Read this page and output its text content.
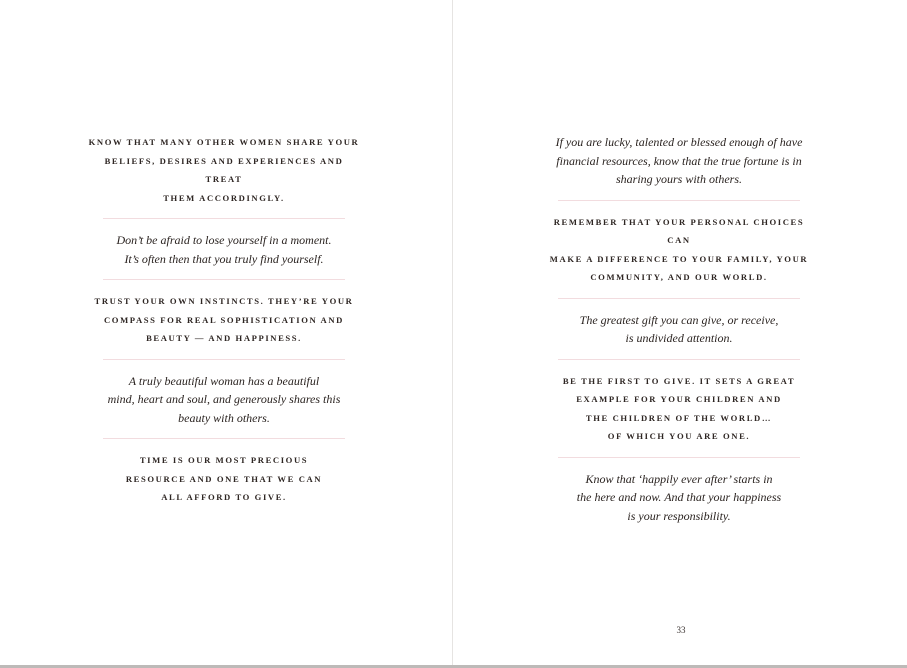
KNOW THAT MANY OTHER WOMEN SHARE YOUR
BELIEFS, DESIRES AND EXPERIENCES AND TREAT
THEM ACCORDINGLY.

Don’t be afraid to lose yourself in a moment.
It’s often then that you truly find yourself.

TRUST YOUR OWN INSTINCTS. THEY’RE YOUR
COMPASS FOR REAL SOPHISTICATION AND
BEAUTY — AND HAPPINESS.

A truly beautiful woman has a beautiful
mind, heart and soul, and generously shares this
beauty with others.

TIME IS OUR MOST PRECIOUS
RESOURCE AND ONE THAT WE CAN
ALL AFFORD TO GIVE.

If you are lucky, talented or blessed enough of have
financial resources, know that the true fortune is in
sharing yours with others.

REMEMBER THAT YOUR PERSONAL CHOICES CAN
MAKE A DIFFERENCE TO YOUR FAMILY, YOUR
COMMUNITY, AND OUR WORLD.

The greatest gift you can give, or receive,
is undivided attention.

BE THE FIRST TO GIVE. IT SETS A GREAT
EXAMPLE FOR YOUR CHILDREN AND
THE CHILDREN OF THE WORLD…
OF WHICH YOU ARE ONE.

Know that ‘happily ever after’ starts in
the here and now. And that your happiness
is your responsibility.

33
